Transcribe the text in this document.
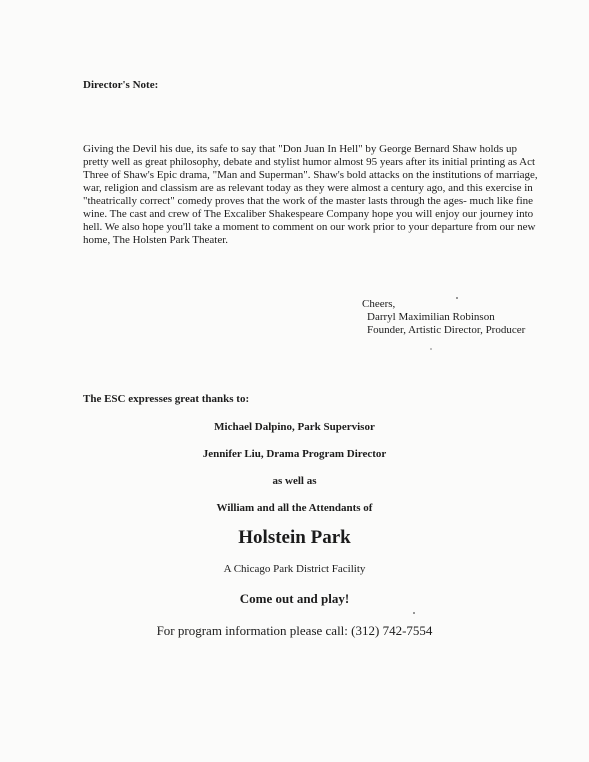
Director's Note:

Giving the Devil his due, its safe to say that "Don Juan In Hell" by George Bernard Shaw holds up pretty well as great philosophy, debate and stylist humor almost 95 years after its initial printing as Act Three of Shaw's Epic drama, "Man and Superman". Shaw's bold attacks on the institutions of marriage, war, religion and classism are as relevant today as they were almost a century ago, and this exercise in "theatrically correct" comedy proves that the work of the master lasts through the ages- much like fine wine. The cast and crew of The Excaliber Shakespeare Company hope you will enjoy our journey into hell. We also hope you'll take a moment to comment on our work prior to your departure from our new home, The Holsten Park Theater.

Cheers,
Darryl Maximilian Robinson
Founder, Artistic Director, Producer
The ESC expresses great thanks to:
Michael Dalpino, Park Supervisor
Jennifer Liu, Drama Program Director
as well as
William and all the Attendants of
Holstein Park
A Chicago Park District Facility
Come out and play!
For program information please call: (312) 742-7554
